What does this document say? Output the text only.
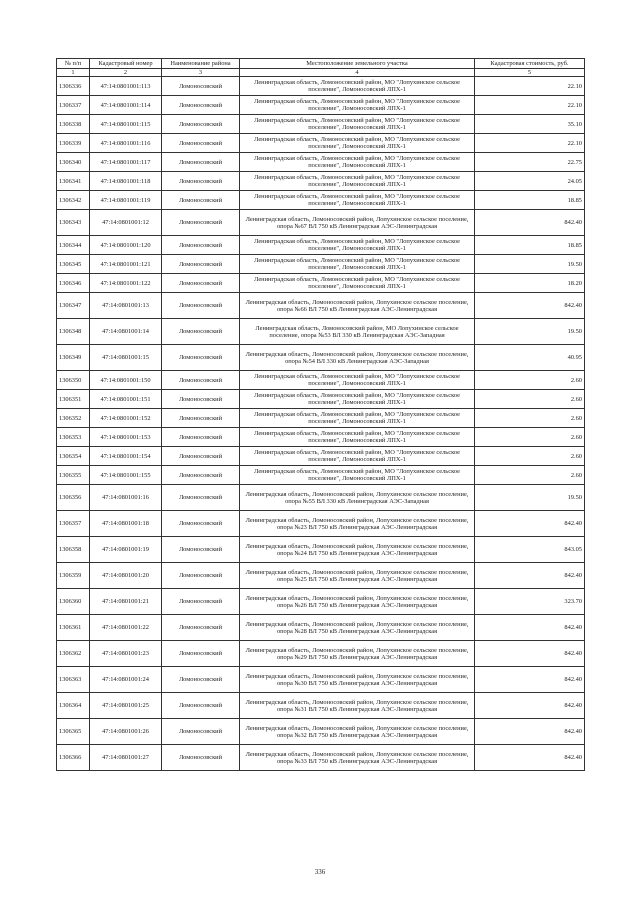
№ п/п	Кадастровый номер	Наименование района	Местоположение земельного участка	Кадастровая стоимость, руб.
1	2	3	4	5
1306336	47:14:0801001:113	Ломоносовский	Ленинградская область, Ломоносовский район, МО "Лопухинское сельское поселение", Ломоносовский ЛПХ-1	22.10
1306337	47:14:0801001:114	Ломоносовский	Ленинградская область, Ломоносовский район, МО "Лопухинское сельское поселение", Ломоносовский ЛПХ-1	22.10
1306338	47:14:0801001:115	Ломоносовский	Ленинградская область, Ломоносовский район, МО "Лопухинское сельское поселение", Ломоносовский ЛПХ-1	35.10
1306339	47:14:0801001:116	Ломоносовский	Ленинградская область, Ломоносовский район, МО "Лопухинское сельское поселение", Ломоносовский ЛПХ-1	22.10
1306340	47:14:0801001:117	Ломоносовский	Ленинградская область, Ломоносовский район, МО "Лопухинское сельское поселение", Ломоносовский ЛПХ-1	22.75
1306341	47:14:0801001:118	Ломоносовский	Ленинградская область, Ломоносовский район, МО "Лопухинское сельское поселение", Ломоносовский ЛПХ-1	24.05
1306342	47:14:0801001:119	Ломоносовский	Ленинградская область, Ломоносовский район, МО "Лопухинское сельское поселение", Ломоносовский ЛПХ-1	18.85
1306343	47:14:0801001:12	Ломоносовский	Ленинградская область, Ломоносовский район, Лопухинское сельское поселение, опора №67 ВЛ 750 кВ Ленинградская АЭС-Ленинградская	842.40
1306344	47:14:0801001:120	Ломоносовский	Ленинградская область, Ломоносовский район, МО "Лопухинское сельское поселение", Ломоносовский ЛПХ-1	18.85
1306345	47:14:0801001:121	Ломоносовский	Ленинградская область, Ломоносовский район, МО "Лопухинское сельское поселение", Ломоносовский ЛПХ-1	19.50
1306346	47:14:0801001:122	Ломоносовский	Ленинградская область, Ломоносовский район, МО "Лопухинское сельское поселение", Ломоносовский ЛПХ-1	18.20
1306347	47:14:0801001:13	Ломоносовский	Ленинградская область, Ломоносовский район, Лопухинское сельское поселение, опора №66 ВЛ 750 кВ Ленинградская АЭС-Ленинградская	842.40
1306348	47:14:0801001:14	Ломоносовский	Ленинградская область, Ломоносовский район, МО Лопухинское сельское поселение, опора №53 ВЛ 330 кВ Ленинградская АЭС-Западная	19.50
1306349	47:14:0801001:15	Ломоносовский	Ленинградская область, Ломоносовский район, Лопухинское сельское поселение, опора №54 ВЛ 330 кВ Ленинградская АЭС-Западная	40.95
1306350	47:14:0801001:150	Ломоносовский	Ленинградская область, Ломоносовский район, МО "Лопухинское сельское поселение", Ломоносовский ЛПХ-1	2.60
1306351	47:14:0801001:151	Ломоносовский	Ленинградская область, Ломоносовский район, МО "Лопухинское сельское поселение", Ломоносовский ЛПХ-1	2.60
1306352	47:14:0801001:152	Ломоносовский	Ленинградская область, Ломоносовский район, МО "Лопухинское сельское поселение", Ломоносовский ЛПХ-1	2.60
1306353	47:14:0801001:153	Ломоносовский	Ленинградская область, Ломоносовский район, МО "Лопухинское сельское поселение", Ломоносовский ЛПХ-1	2.60
1306354	47:14:0801001:154	Ломоносовский	Ленинградская область, Ломоносовский район, МО "Лопухинское сельское поселение", Ломоносовский ЛПХ-1	2.60
1306355	47:14:0801001:155	Ломоносовский	Ленинградская область, Ломоносовский район, МО "Лопухинское сельское поселение", Ломоносовский ЛПХ-1	2.60
1306356	47:14:0801001:16	Ломоносовский	Ленинградская область, Ломоносовский район, Лопухинское сельское поселение, опора №55 ВЛ 330 кВ Ленинградская АЭС-Западная	19.50
1306357	47:14:0801001:18	Ломоносовский	Ленинградская область, Ломоносовский район, Лопухинское сельское поселение, опора №23 ВЛ 750 кВ Ленинградская АЭС-Ленинградская	842.40
1306358	47:14:0801001:19	Ломоносовский	Ленинградская область, Ломоносовский район, Лопухинское сельское поселение, опора №24 ВЛ 750 кВ Ленинградская АЭС-Ленинградская	843.05
1306359	47:14:0801001:20	Ломоносовский	Ленинградская область, Ломоносовский район, Лопухинское сельское поселение, опора №25 ВЛ 750 кВ Ленинградская АЭС-Ленинградская	842.40
1306360	47:14:0801001:21	Ломоносовский	Ленинградская область, Ломоносовский район, Лопухинское сельское поселение, опора №26 ВЛ 750 кВ Ленинградская АЭС-Ленинградская	323.70
1306361	47:14:0801001:22	Ломоносовский	Ленинградская область, Ломоносовский район, Лопухинское сельское поселение, опора №28 ВЛ 750 кВ Ленинградская АЭС-Ленинградская	842.40
1306362	47:14:0801001:23	Ломоносовский	Ленинградская область, Ломоносовский район, Лопухинское сельское поселение, опора №29 ВЛ 750 кВ Ленинградская АЭС-Ленинградская	842.40
1306363	47:14:0801001:24	Ломоносовский	Ленинградская область, Ломоносовский район, Лопухинское сельское поселение, опора №30 ВЛ 750 кВ Ленинградская АЭС-Ленинградская	842.40
1306364	47:14:0801001:25	Ломоносовский	Ленинградская область, Ломоносовский район, Лопухинское сельское поселение, опора №31 ВЛ 750 кВ Ленинградская АЭС-Ленинградская	842.40
1306365	47:14:0801001:26	Ломоносовский	Ленинградская область, Ломоносовский район, Лопухинское сельское поселение, опора №32 ВЛ 750 кВ Ленинградская АЭС-Ленинградская	842.40
1306366	47:14:0801001:27	Ломоносовский	Ленинградская область, Ломоносовский район, Лопухинское сельское поселение, опора №33 ВЛ 750 кВ Ленинградская АЭС-Ленинградская	842.40
336
